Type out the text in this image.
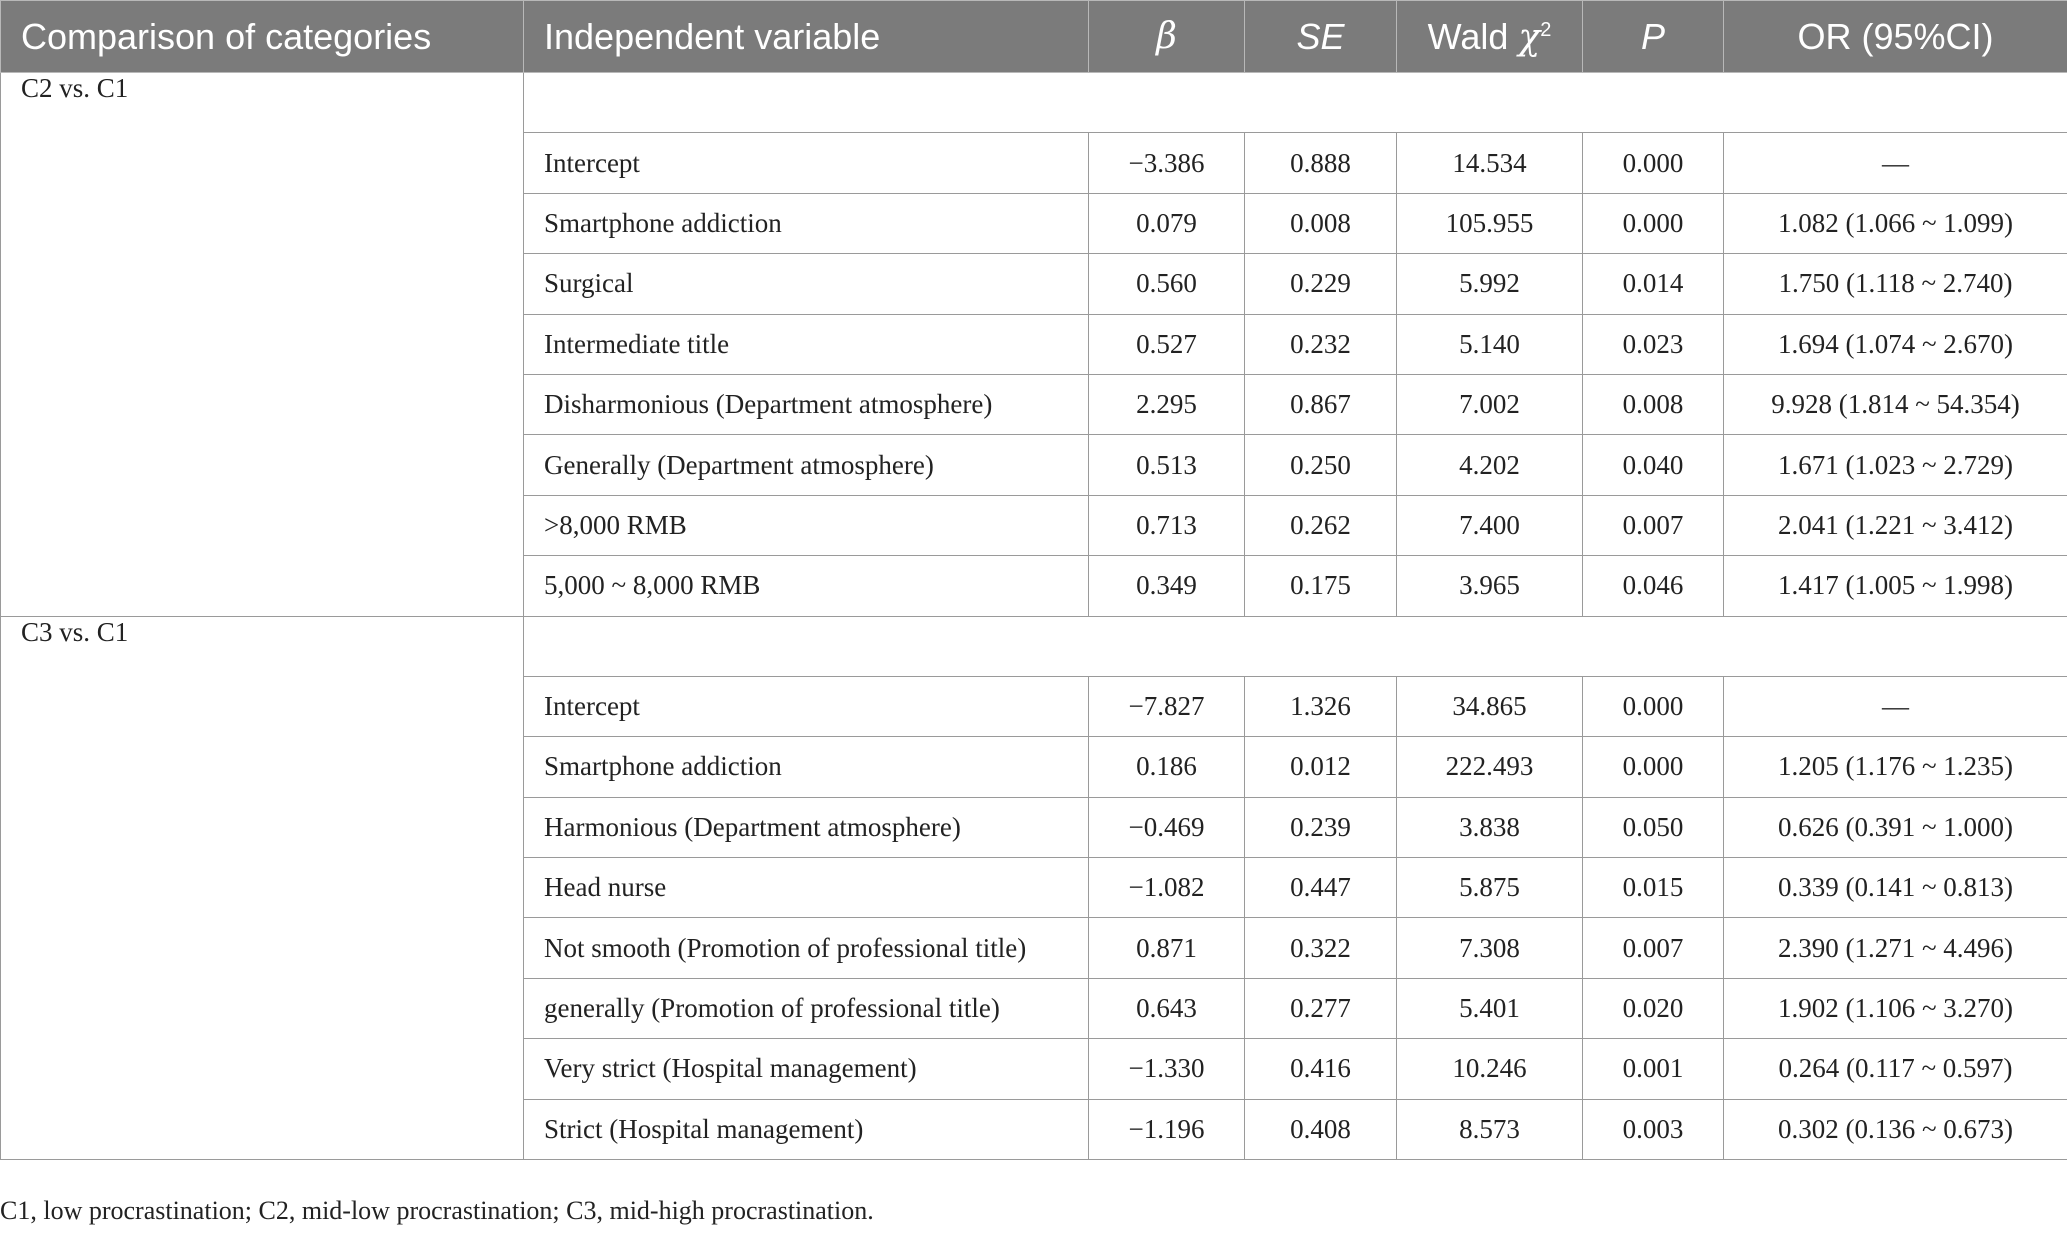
Comparison of categories	Independent variable	β	SE	Wald $\chi^2$	P	OR (95%CI)
C2 vs. C1						
	Intercept	−3.386	0.888	14.534	0.000	—
	Smartphone addiction	0.079	0.008	105.955	0.000	1.082 (1.066 ~ 1.099)
	Surgical	0.560	0.229	5.992	0.014	1.750 (1.118 ~ 2.740)
	Intermediate title	0.527	0.232	5.140	0.023	1.694 (1.074 ~ 2.670)
	Disharmonious (Department atmosphere)	2.295	0.867	7.002	0.008	9.928 (1.814 ~ 54.354)
	Generally (Department atmosphere)	0.513	0.250	4.202	0.040	1.671 (1.023 ~ 2.729)
	>8,000 RMB	0.713	0.262	7.400	0.007	2.041 (1.221 ~ 3.412)
	5,000 ~ 8,000 RMB	0.349	0.175	3.965	0.046	1.417 (1.005 ~ 1.998)
C3 vs. C1						
	Intercept	−7.827	1.326	34.865	0.000	—
	Smartphone addiction	0.186	0.012	222.493	0.000	1.205 (1.176 ~ 1.235)
	Harmonious (Department atmosphere)	−0.469	0.239	3.838	0.050	0.626 (0.391 ~ 1.000)
	Head nurse	−1.082	0.447	5.875	0.015	0.339 (0.141 ~ 0.813)
	Not smooth (Promotion of professional title)	0.871	0.322	7.308	0.007	2.390 (1.271 ~ 4.496)
	generally (Promotion of professional title)	0.643	0.277	5.401	0.020	1.902 (1.106 ~ 3.270)
	Very strict (Hospital management)	−1.330	0.416	10.246	0.001	0.264 (0.117 ~ 0.597)
	Strict (Hospital management)	−1.196	0.408	8.573	0.003	0.302 (0.136 ~ 0.673)
C1, low procrastination; C2, mid-low procrastination; C3, mid-high procrastination.
